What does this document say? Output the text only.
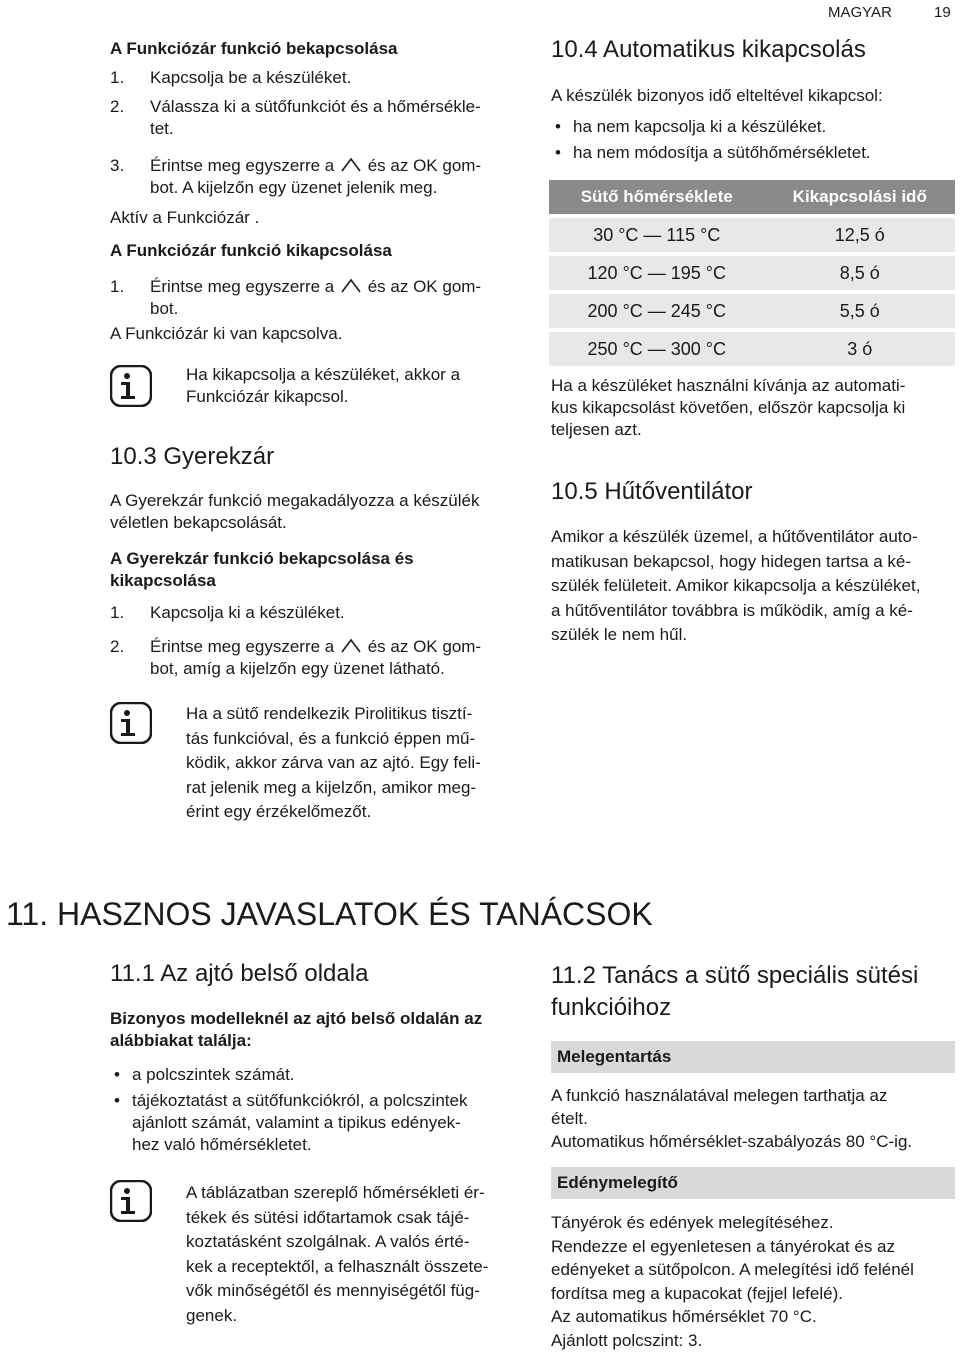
MAGYAR	19
A Funkciózár funkció bekapcsolása
1.	Kapcsolja be a készüléket.
2.	Válassza ki a sütőfunkciót és a hőmérsékle-
tet.
3.	Érintse meg egyszerre a és az OK gom-
bot. A kijelzőn egy üzenet jelenik meg.
Aktív a Funkciózár .
A Funkciózár funkció kikapcsolása
1.	Érintse meg egyszerre a és az OK gom-
bot.
A Funkciózár ki van kapcsolva.
Ha kikapcsolja a készüléket, akkor a
Funkciózár kikapcsol.
10.3 Gyerekzár
A Gyerekzár funkció megakadályozza a készülék
véletlen bekapcsolását.
A Gyerekzár funkció bekapcsolása és
kikapcsolása
1.	Kapcsolja ki a készüléket.
2.	Érintse meg egyszerre a és az OK gom-
bot, amíg a kijelzőn egy üzenet látható.
Ha a sütő rendelkezik Pirolitikus tisztí-
tás funkcióval, és a funkció éppen mű-
ködik, akkor zárva van az ajtó. Egy feli-
rat jelenik meg a kijelzőn, amikor meg-
érint egy érzékelőmezőt.
10.4 Automatikus kikapcsolás
A készülék bizonyos idő elteltével kikapcsol:
• ha nem kapcsolja ki a készüléket.
• ha nem módosítja a sütőhőmérsékletet.
Sütő hőmérséklete	Kikapcsolási idő
30 °C — 115 °C	12,5 ó
120 °C — 195 °C	8,5 ó
200 °C — 245 °C	5,5 ó
250 °C — 300 °C	3 ó
Ha a készüléket használni kívánja az automati-
kus kikapcsolást követően, először kapcsolja ki
teljesen azt.
10.5 Hűtőventilátor
Amikor a készülék üzemel, a hűtőventilátor auto-
matikusan bekapcsol, hogy hidegen tartsa a ké-
szülék felületeit. Amikor kikapcsolja a készüléket,
a hűtőventilátor továbbra is működik, amíg a ké-
szülék le nem hűl.
11. HASZNOS JAVASLATOK ÉS TANÁCSOK
11.1 Az ajtó belső oldala
Bizonyos modelleknél az ajtó belső oldalán az
alábbiakat találja:
• a polcszintek számát.
• tájékoztatást a sütőfunkciókról, a polcszintek
ajánlott számát, valamint a tipikus edények-
hez való hőmérsékletet.
A táblázatban szereplő hőmérsékleti ér-
tékek és sütési időtartamok csak tájé-
koztatásként szolgálnak. A valós érté-
kek a receptektől, a felhasznált összete-
vők minőségétől és mennyiségétől füg-
genek.
11.2 Tanács a sütő speciális sütési
funkcióihoz
Melegentartás
A funkció használatával melegen tarthatja az
ételt.
Automatikus hőmérséklet-szabályozás 80 °C-ig.
Edénymelegítő
Tányérok és edények melegítéséhez.
Rendezze el egyenletesen a tányérokat és az
edényeket a sütőpolcon. A melegítési idő felénél
fordítsa meg a kupacokat (fejjel lefelé).
Az automatikus hőmérséklet 70 °C.
Ajánlott polcszint: 3.
